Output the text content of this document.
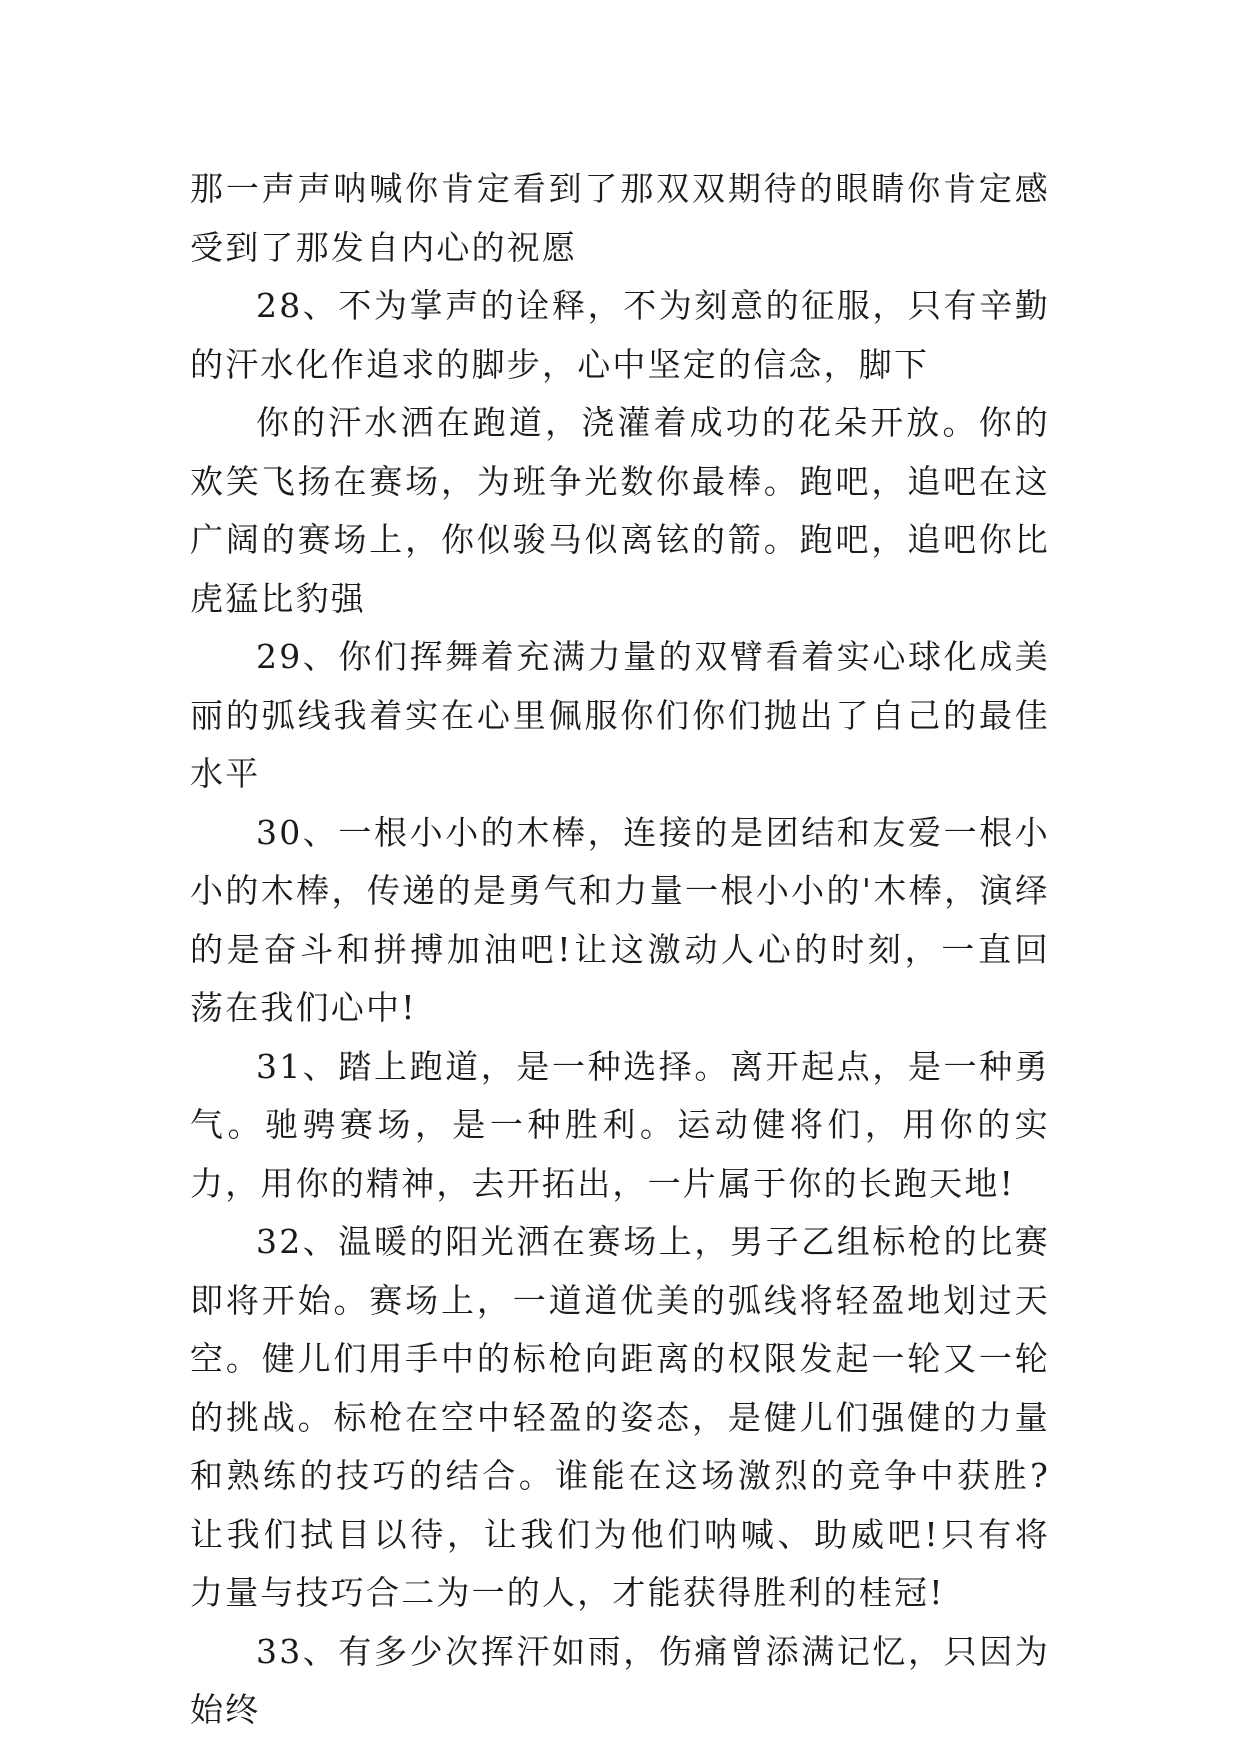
那一声声呐喊你肯定看到了那双双期待的眼睛你肯定感受到了那发自内心的祝愿

28、不为掌声的诠释，不为刻意的征服，只有辛勤的汗水化作追求的脚步，心中坚定的信念，脚下

你的汗水洒在跑道，浇灌着成功的花朵开放。你的欢笑飞扬在赛场，为班争光数你最棒。跑吧，追吧在这广阔的赛场上，你似骏马似离铉的箭。跑吧，追吧你比虎猛比豹强

29、你们挥舞着充满力量的双臂看着实心球化成美丽的弧线我着实在心里佩服你们你们抛出了自己的最佳水平

30、一根小小的木棒，连接的是团结和友爱一根小小的木棒，传递的是勇气和力量一根小小的'木棒，演绎的是奋斗和拼搏加油吧!让这激动人心的时刻，一直回荡在我们心中!

31、踏上跑道，是一种选择。离开起点，是一种勇气。驰骋赛场，是一种胜利。运动健将们，用你的实力，用你的精神，去开拓出，一片属于你的长跑天地!

32、温暖的阳光洒在赛场上，男子乙组标枪的比赛即将开始。赛场上，一道道优美的弧线将轻盈地划过天空。健儿们用手中的标枪向距离的权限发起一轮又一轮的挑战。标枪在空中轻盈的姿态，是健儿们强健的力量和熟练的技巧的结合。谁能在这场激烈的竞争中获胜?让我们拭目以待，让我们为他们呐喊、助威吧!只有将力量与技巧合二为一的人，才能获得胜利的桂冠!

33、有多少次挥汗如雨，伤痛曾添满记忆，只因为始终
